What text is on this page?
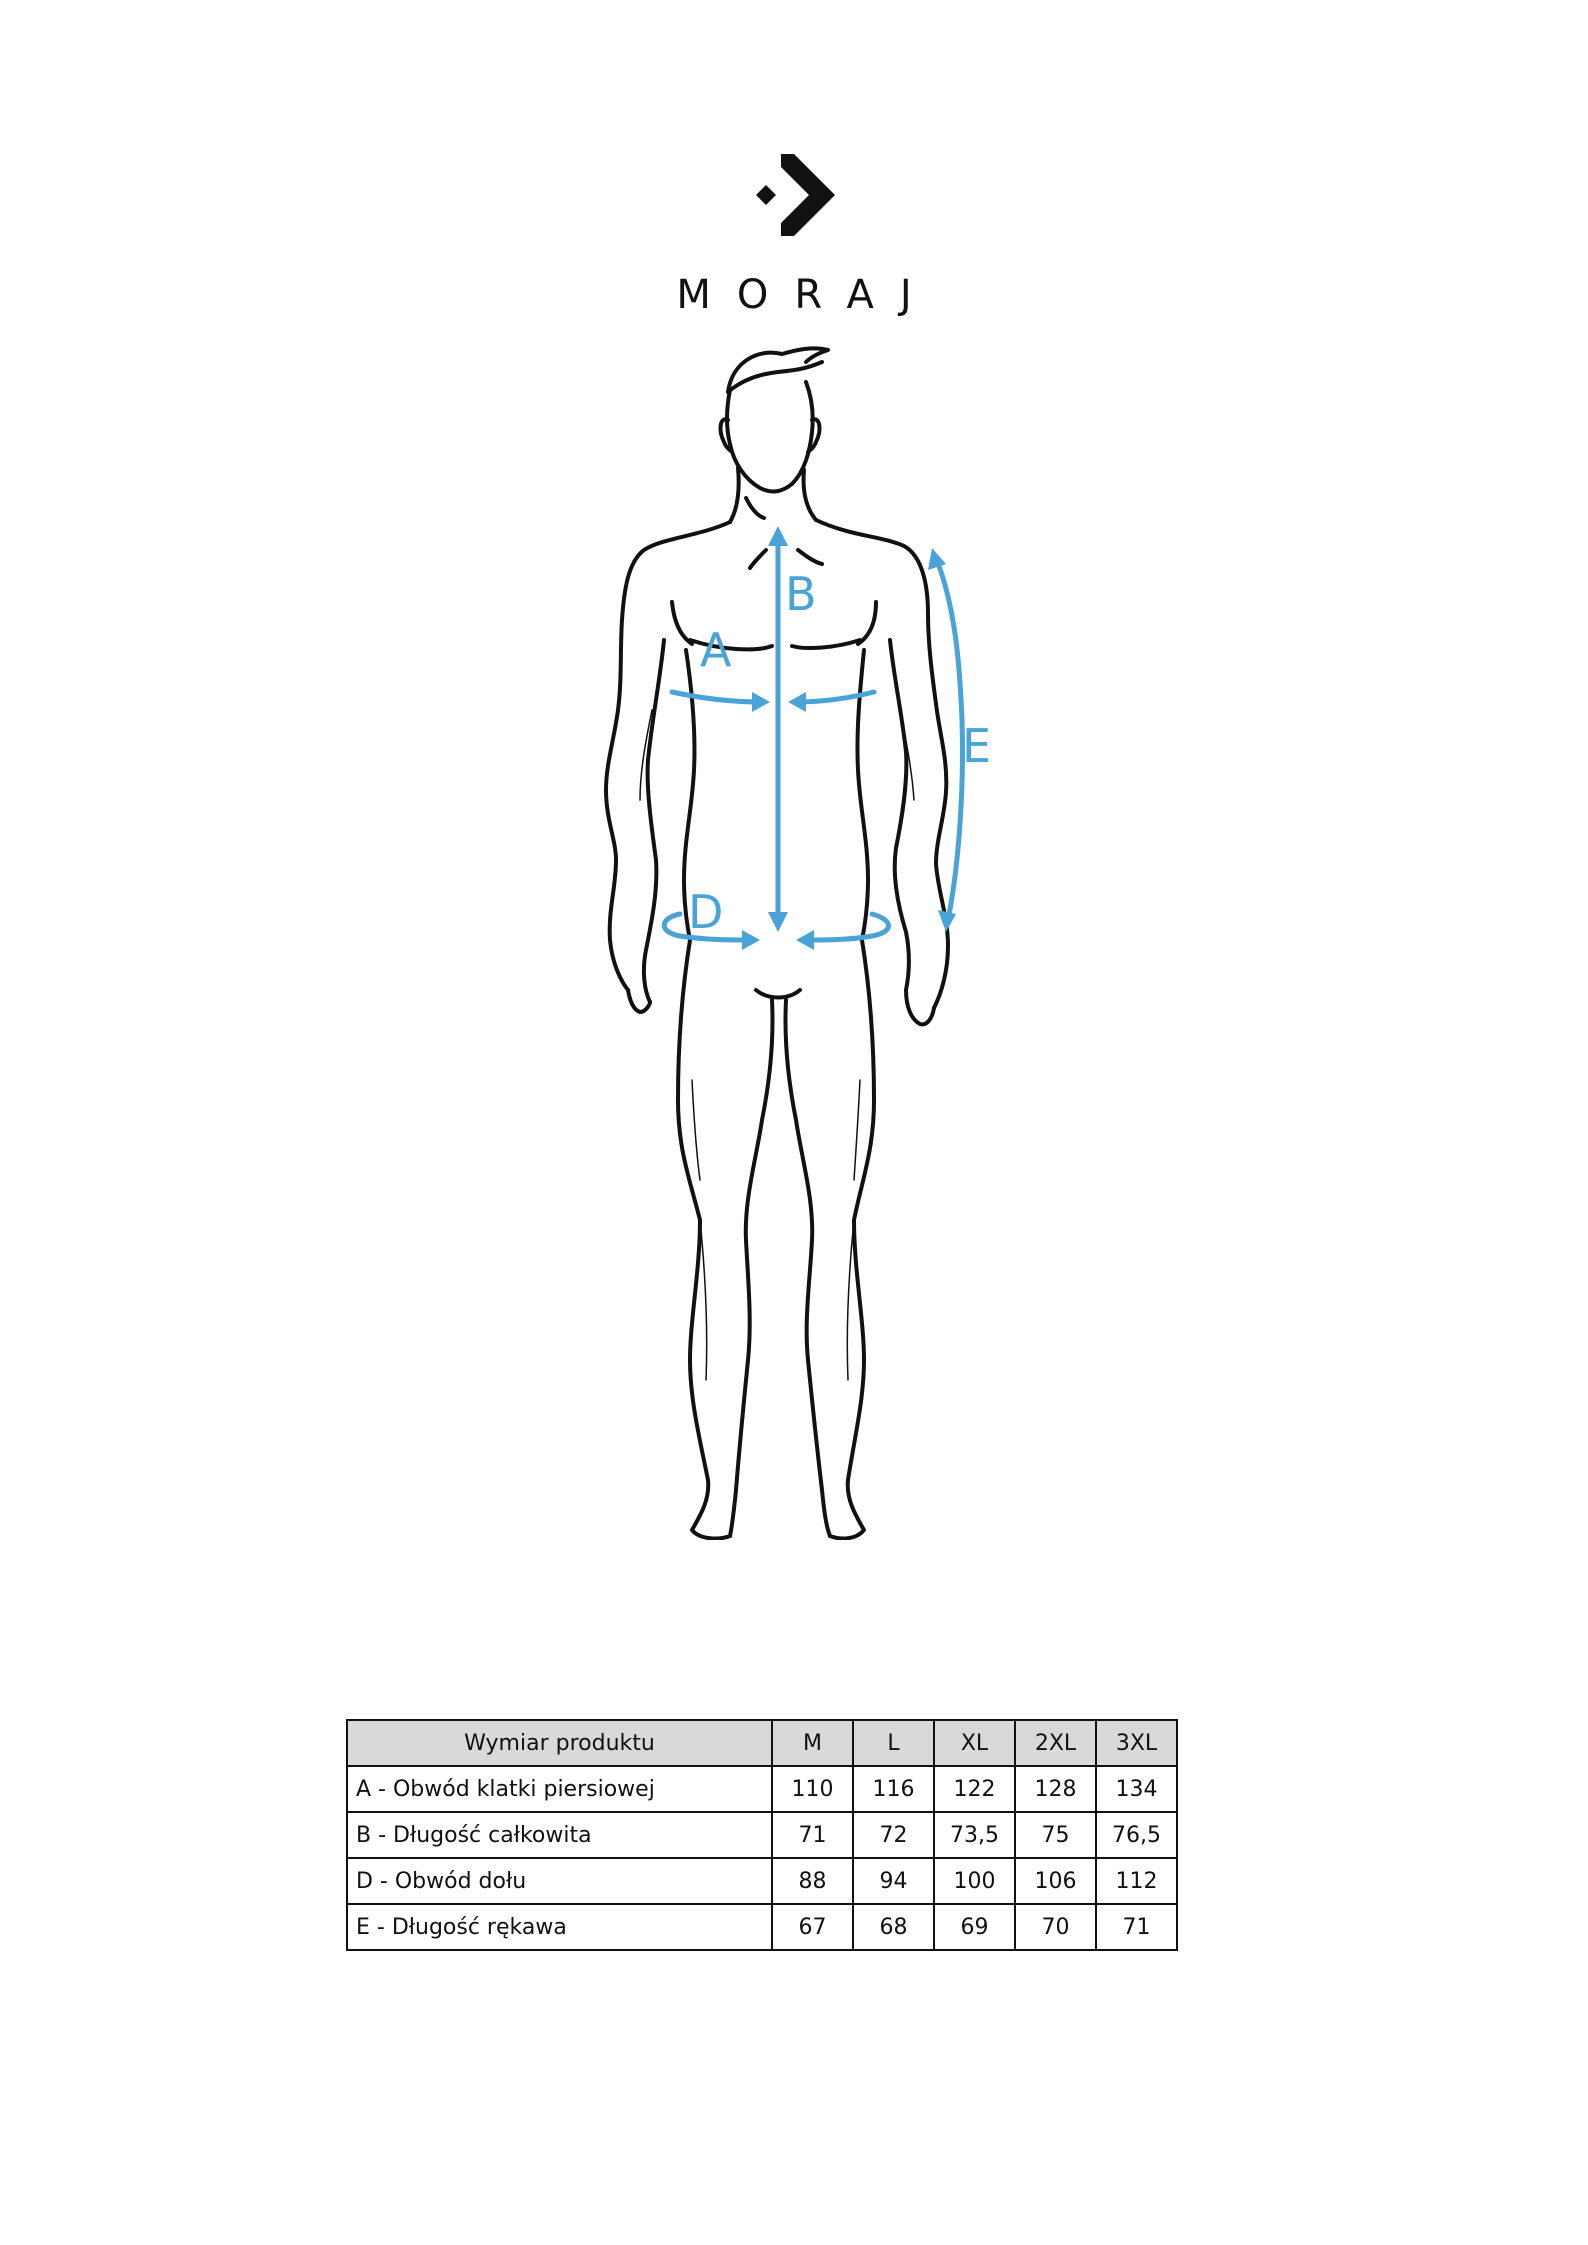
MORAJ
B
A
D
E
Wymiar produktu	M	L	XL	2XL	3XL
A - Obwód klatki piersiowej	110	116	122	128	134
B - Długość całkowita	71	72	73,5	75	76,5
D - Obwód dołu	88	94	100	106	112
E - Długość rękawa	67	68	69	70	71
